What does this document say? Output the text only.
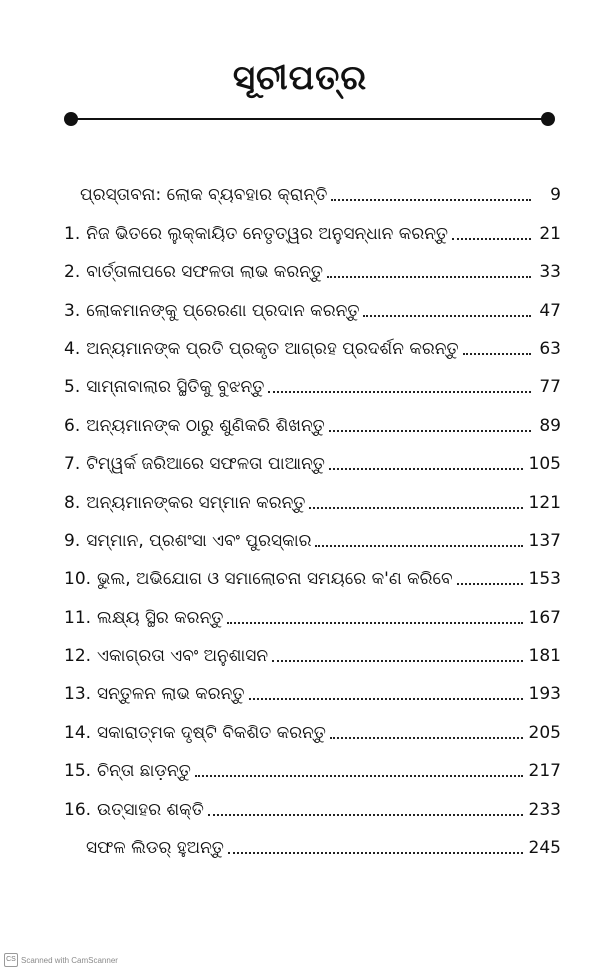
ସୂଚୀପତ୍ର
ପ୍ରସ୍ତାବନା: ଲୋକ ବ୍ୟବହାର କ୍ରାନ୍ତି	9
1. ନିଜ ଭିତରେ ଲୁକ୍କାୟିତ ନେତୃତ୍ୱର ଅନୁସନ୍ଧାନ କରନ୍ତୁ	21
2. ବାର୍ତ୍ତାଳାପରେ ସଫଳତା ଲାଭ କରନ୍ତୁ	33
3. ଲୋକମାନଙ୍କୁ ପ୍ରେରଣା ପ୍ରଦାନ କରନ୍ତୁ	47
4. ଅନ୍ୟମାନଙ୍କ ପ୍ରତି ପ୍ରକୃତ ଆଗ୍ରହ ପ୍ରଦର୍ଶନ କରନ୍ତୁ	63
5. ସାମ୍ନାବାଲାର ସ୍ଥିତିକୁ ବୁଝନ୍ତୁ	77
6. ଅନ୍ୟମାନଙ୍କ ଠାରୁ ଶୁଣିକରି ଶିଖନ୍ତୁ	89
7. ଟିମ୍‌ୱର୍କ ଜରିଆରେ ସଫଳତା ପାଆନ୍ତୁ	105
8. ଅନ୍ୟମାନଙ୍କର ସମ୍ମାନ କରନ୍ତୁ	121
9. ସମ୍ମାନ, ପ୍ରଶଂସା ଏବଂ ପୁରସ୍କାର	137
10. ଭୁଲ, ଅଭିଯୋଗ ଓ ସମାଲୋଚନା ସମୟରେ କ'ଣ କରିବେ	153
11. ଲକ୍ଷ୍ୟ ସ୍ଥିର କରନ୍ତୁ	167
12. ଏକାଗ୍ରତା ଏବଂ ଅନୁଶାସନ	181
13. ସନ୍ତୁଳନ ଲାଭ କରନ୍ତୁ	193
14. ସକାରାତ୍ମକ ଦୃଷ୍ଟି ବିକଶିତ କରନ୍ତୁ	205
15. ଚିନ୍ତା ଛାଡ଼ନ୍ତୁ	217
16. ଉତ୍ସାହର ଶକ୍ତି	233
ସଫଳ ଲିଡର୍ ହୁଅନ୍ତୁ	245
CS Scanned with CamScanner
